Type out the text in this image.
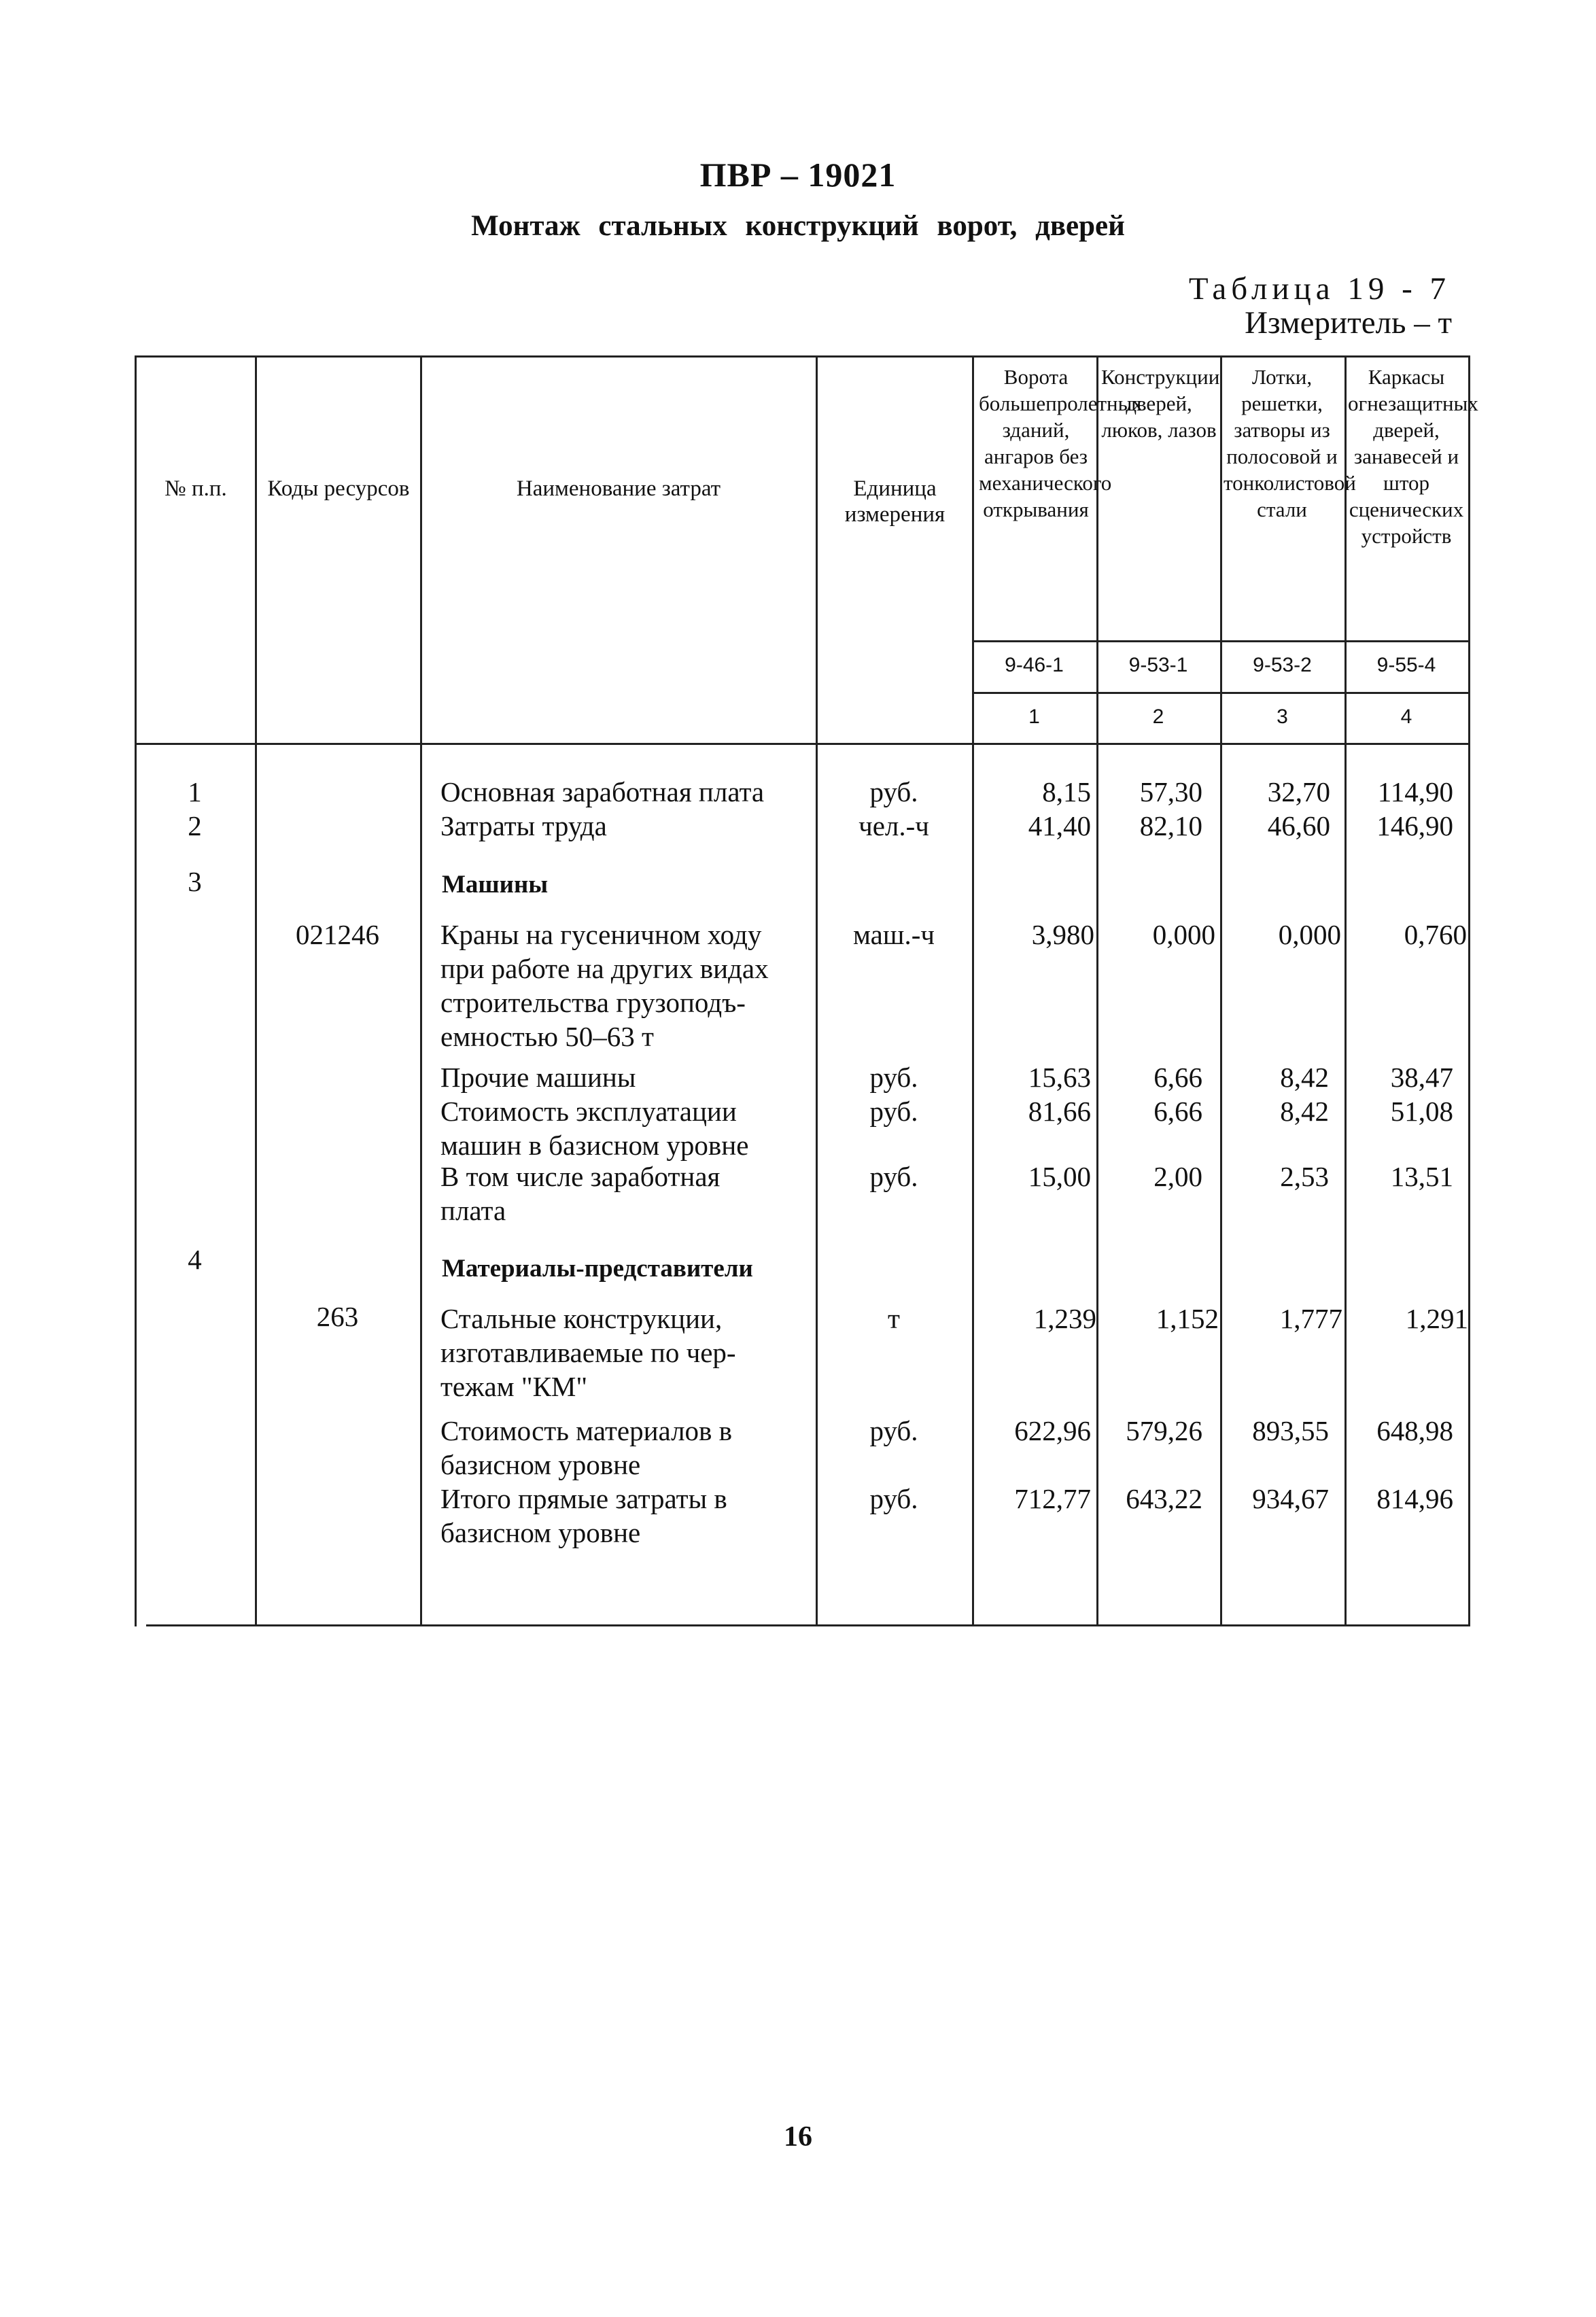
ПВР – 19021
Монтаж стальных конструкций ворот, дверей
Таблица 19 - 7
Измеритель – т
№ п.п.	Коды ресурсов	Наименование затрат	Единица измерения
Ворота большепролетных зданий, ангаров без механического открывания
Конструкции дверей, люков, лазов
Лотки, решетки, затворы из полосовой и тонколистовой стали
Каркасы огнезащитных дверей, занавесей и штор сценических устройств
9-46-1	9-53-1	9-53-2	9-55-4
1	2	3	4
1	Основная заработная плата	руб.	8,15	57,30	32,70	114,90
2	Затраты труда	чел.-ч	41,40	82,10	46,60	146,90
3	Машины
021246	Краны на гусеничном ходу
при работе на других видах
строительства грузоподъ-
емностью 50–63 т
маш.-ч	3,980	0,000	0,000	0,760
Прочие машины	руб.	15,63	6,66	8,42	38,47
Стоимость эксплуатации
машин в базисном уровне
руб.	81,66	6,66	8,42	51,08
В том числе заработная
плата
руб.	15,00	2,00	2,53	13,51
4	Материалы-представители
263	Стальные конструкции,
изготавливаемые по чер-
тежам "КМ"
т	1,239	1,152	1,777	1,291
Стоимость материалов в
базисном уровне
руб.	622,96	579,26	893,55	648,98
Итого прямые затраты в
базисном уровне
руб.	712,77	643,22	934,67	814,96
16
